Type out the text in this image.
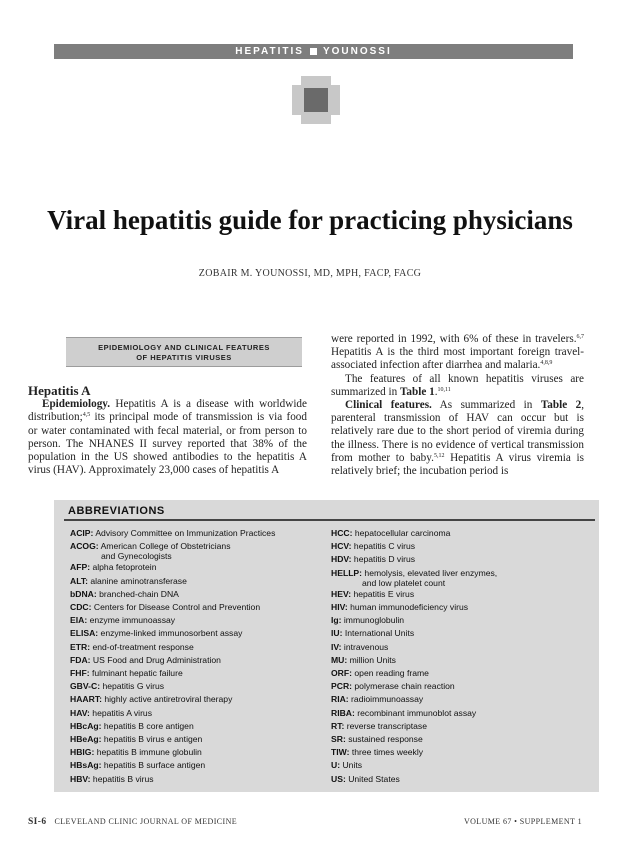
HEPATITIS YOUNOSSI
Viral hepatitis guide for practicing physicians
ZOBAIR M. YOUNOSSI, MD, MPH, FACP, FACG
EPIDEMIOLOGY AND CLINICAL FEATURES
OF HEPATITIS VIRUSES
Hepatitis A

Epidemiology. Hepatitis A is a disease with worldwide distribution;$^{4,5}$ its principal mode of transmission is via food or water contaminated with fecal material, or from person to person. The NHANES II survey reported that 38% of the population in the US showed antibodies to the hepatitis A virus (HAV). Approximately 23,000 cases of hepatitis A

were reported in 1992, with 6% of these in travelers.$^{6,7}$ Hepatitis A is the third most important foreign travel-associated infection after diarrhea and malaria.$^{4,8,9}$

The features of all known hepatitis viruses are summarized in Table 1.$^{10,11}$

Clinical features. As summarized in Table 2, parenteral transmission of HAV can occur but is relatively rare due to the short period of viremia during the illness. There is no evidence of vertical transmission from mother to baby.$^{5,12}$ Hepatitis A virus viremia is relatively brief; the incubation period is

ABBREVIATIONS
ACIP: Advisory Committee on Immunization Practices
ACOG: American College of Obstetricians
and Gynecologists
AFP: alpha fetoprotein
ALT: alanine aminotransferase
bDNA: branched-chain DNA
CDC: Centers for Disease Control and Prevention
EIA: enzyme immunoassay
ELISA: enzyme-linked immunosorbent assay
ETR: end-of-treatment response
FDA: US Food and Drug Administration
FHF: fulminant hepatic failure
GBV-C: hepatitis G virus
HAART: highly active antiretroviral therapy
HAV: hepatitis A virus
HBcAg: hepatitis B core antigen
HBeAg: hepatitis B virus e antigen
HBIG: hepatitis B immune globulin
HBsAg: hepatitis B surface antigen
HBV: hepatitis B virus
HCC: hepatocellular carcinoma
HCV: hepatitis C virus
HDV: hepatitis D virus
HELLP: hemolysis, elevated liver enzymes,
and low platelet count
HEV: hepatitis E virus
HIV: human immunodeficiency virus
Ig: immunoglobulin
IU: International Units
IV: intravenous
MU: million Units
ORF: open reading frame
PCR: polymerase chain reaction
RIA: radioimmunoassay
RIBA: recombinant immunoblot assay
RT: reverse transcriptase
SR: sustained response
TIW: three times weekly
U: Units
US: United States
SI-6 CLEVELAND CLINIC JOURNAL OF MEDICINE	VOLUME 67 • SUPPLEMENT 1
